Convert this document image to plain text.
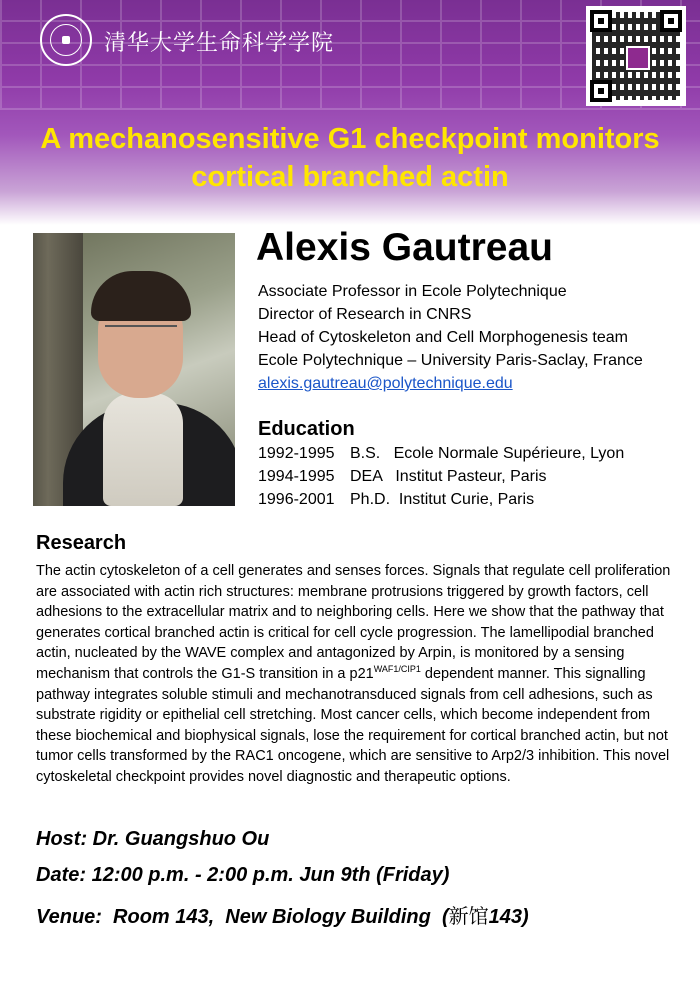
清华大学生命科学学院
A mechanosensitive G1 checkpoint monitors
cortical branched actin
Alexis Gautreau
Associate Professor in Ecole Polytechnique
Director of Research in CNRS
Head of Cytoskeleton and Cell Morphogenesis team
Ecole Polytechnique – University Paris-Saclay, France
alexis.gautreau@polytechnique.edu
Education
1992-1995 B.S.   Ecole Normale Supérieure, Lyon
1994-1995 DEA   Institut Pasteur, Paris
1996-2001 Ph.D.  Institut Curie, Paris
Research
The actin cytoskeleton of a cell generates and senses forces. Signals that regulate cell proliferation are associated with actin rich structures: membrane protrusions triggered by growth factors, cell adhesions to the extracellular matrix and to neighboring cells. Here we show that the pathway that generates cortical branched actin is critical for cell cycle progression. The lamellipodial branched actin, nucleated by the WAVE complex and antagonized by Arpin, is monitored by a sensing mechanism that controls the G1-S transition in a $p21^{WAF1/CIP1}$ dependent manner. This signalling pathway integrates soluble stimuli and mechanotransduced signals from cell adhesions, such as substrate rigidity or epithelial cell stretching. Most cancer cells, which become independent from these biochemical and biophysical signals, lose the requirement for cortical branched actin, but not tumor cells transformed by the RAC1 oncogene, which are sensitive to Arp2/3 inhibition. This novel cytoskeletal checkpoint provides novel diagnostic and therapeutic options.
Host: Dr. Guangshuo Ou
Date: 12:00 p.m. - 2:00 p.m. Jun 9th (Friday)
Venue:  Room 143,  New Biology Building  (新馆143)
